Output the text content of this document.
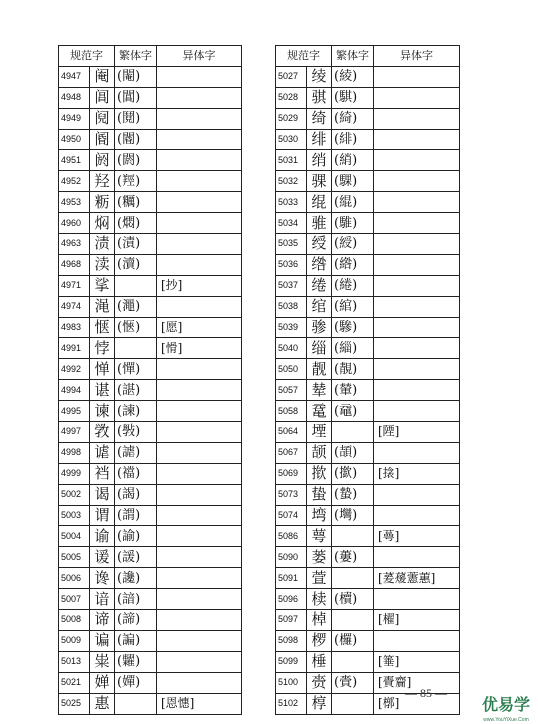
规范字		繁体字	异体字
4947	阉	(閹)	
4948	阊	(閶)	
4949	阋	(鬩)	
4950	阍	(閽)	
4951	阏	(閼)	
4952	羟	(羥)	
4953	粝	(糲)	
4960	焖	(燜)	
4963	渍	(漬)	
4968	渎	(瀆)	
4971	挲		[抄]
4974	渑	(澠)	
4983	惬	(愜)	[愿]
4991	悖		[愲]
4992	惮	(憚)	
4994	谌	(諶)	
4995	谏	(諫)	
4997	敩	(斅)	
4998	谑	(謔)	
4999	裆	(襠)	
5002	谒	(謁)	
5003	谓	(謂)	
5004	谕	(諭)	
5005	谖	(諼)	
5006	谗	(讒)	
5007	谙	(諳)	
5008	谛	(諦)	
5009	谝	(諞)	
5013	粜	(糶)	
5021	婵	(嬋)	
5025	惠		[恩憓]
规范字		繁体字	异体字
5027	绫	(綾)	
5028	骐	(騏)	
5029	绮	(綺)	
5030	绯	(緋)	
5031	绡	(綃)	
5032	骒	(騍)	
5033	绲	(緄)	
5034	骓	(騅)	
5035	绶	(綬)	
5036	绺	(綹)	
5037	绻	(綣)	
5038	绾	(綰)	
5039	骖	(驂)	
5040	缁	(緇)	
5050	靓	(靚)	
5057	辇	(輦)	
5058	鼋	(黿)	
5064	堙		[陻]
5067	颉	(頡)	
5069	揿	(撳)	[搇]
5073	蛰	(蟄)	
5074	塆	(壪)	
5086	萼		[蕚]
5090	蒌	(蔞)	
5091	萱		[萲蕿藼蕙]
5096	椟	(櫝)	
5097	棹		[櫂]
5098	椤	(欏)	
5099	棰		[箠]
5100	赍	(賫)	[賷齎]
5102	椁		[槨]
— 85 —
优易学
www.YouYiXue.Com
